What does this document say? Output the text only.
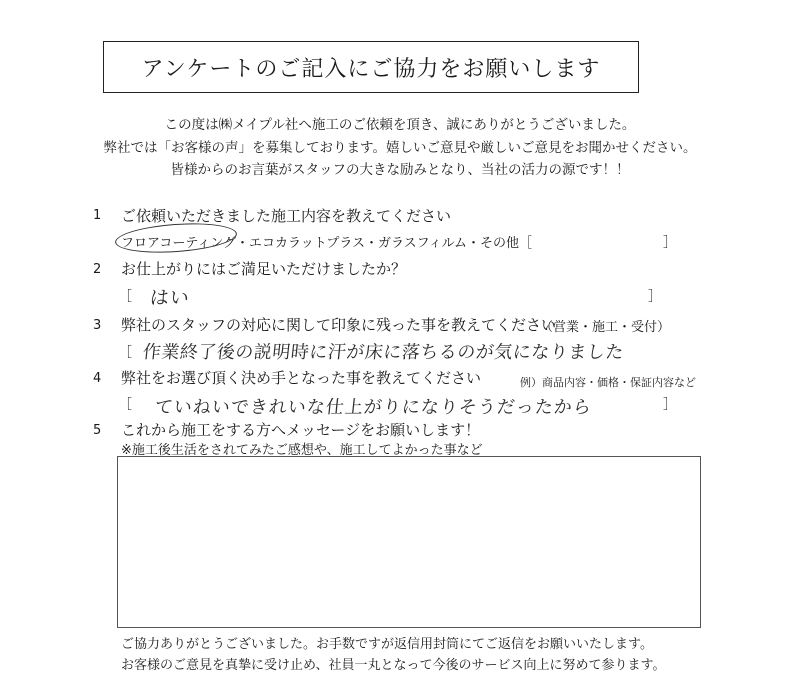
アンケートのご記入にご協力をお願いします
この度は㈱メイプル社へ施工のご依頼を頂き、誠にありがとうございました。
弊社では「お客様の声」を募集しております。嬉しいご意見や厳しいご意見をお聞かせください。
皆様からのお言葉がスタッフの大きな励みとなり、当社の活力の源です！！
1 ご依頼いただきました施工内容を教えてください
フロアコーティング・エコカラットプラス・ガラスフィルム・その他［	］
2 お仕上がりにはご満足いただけましたか？
［ はい	］
3 弊社のスタッフの対応に関して印象に残った事を教えてください
（営業・施工・受付）
［ 作業終了後の説明時に汗が床に落ちるのが気になりました
4 弊社をお選び頂く決め手となった事を教えてください	例）商品内容・価格・保証内容など
［ ていねいできれいな仕上がりになりそうだったから	］
5 これから施工をする方へメッセージをお願いします！
※施工後生活をされてみたご感想や、施工してよかった事など
ご協力ありがとうございました。お手数ですが返信用封筒にてご返信をお願いいたします。
お客様のご意見を真摯に受け止め、社員一丸となって今後のサービス向上に努めて参ります。
